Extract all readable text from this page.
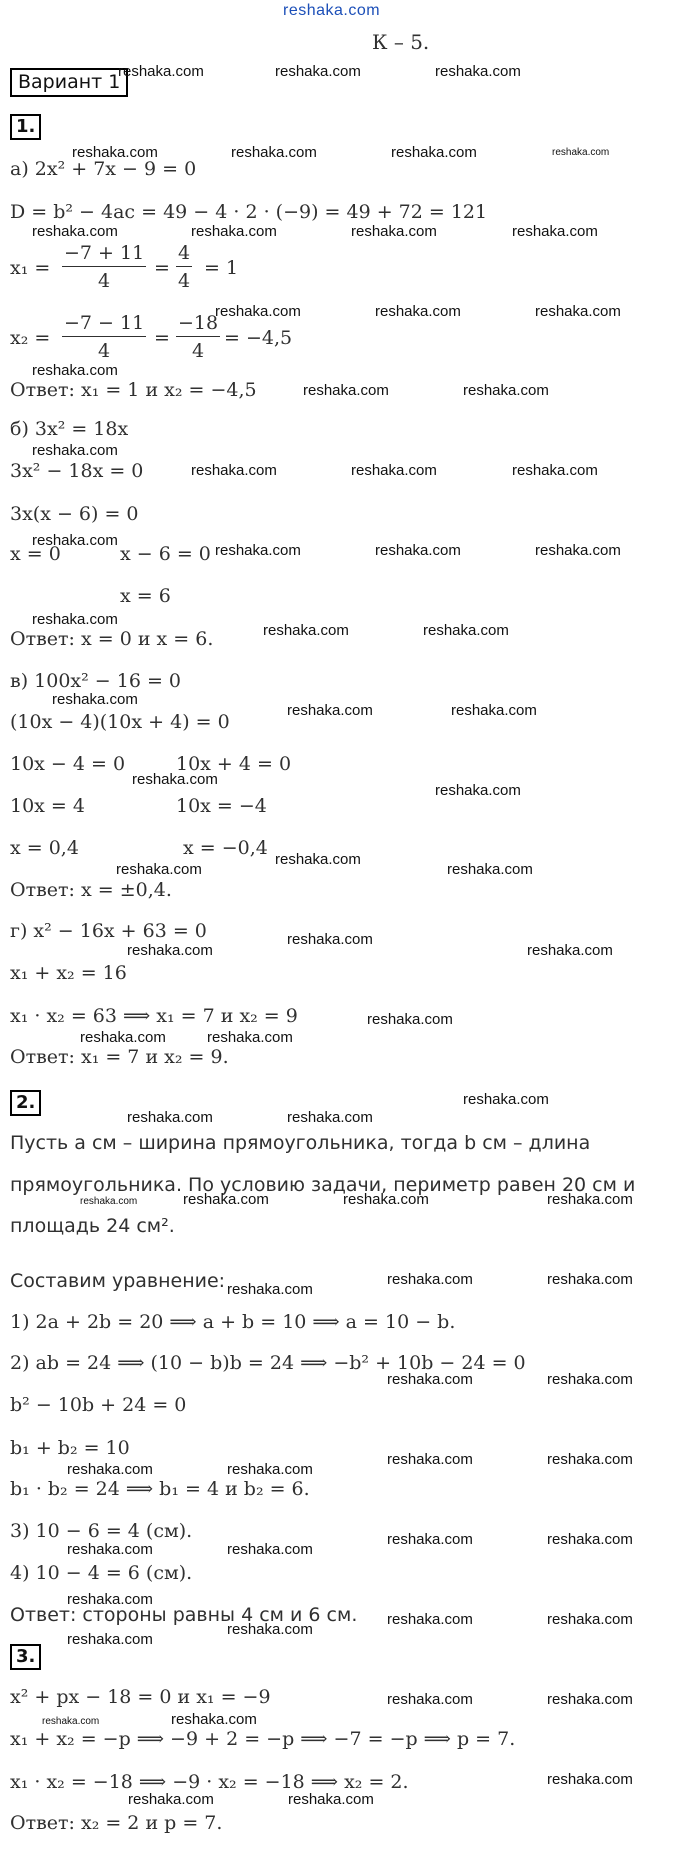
reshaka.com
К – 5.
Вариант 1
1.
а) 2x² + 7x − 9 = 0
D = b² − 4ac = 49 − 4 · 2 · (−9) = 49 + 72 = 121
$x_1 = \frac{-7 + 11}{4} = \frac{4}{4} = 1$
$x_2 = \frac{-7 - 11}{4} = \frac{-18}{4} = -4,5$
Ответ: x₁ = 1 и x₂ = −4,5
б) 3x² = 18x
3x² − 18x = 0
3x(x − 6) = 0
x = 0	x − 6 = 0
x = 6
Ответ: x = 0 и x = 6.
в) 100x² − 16 = 0
(10x − 4)(10x + 4) = 0
10x − 4 = 0	10x + 4 = 0
10x = 4	10x = −4
x = 0,4	x = −0,4
Ответ: x = ±0,4.
г) x² − 16x + 63 = 0
x₁ + x₂ = 16
x₁ · x₂ = 63 ⟹ x₁ = 7 и x₂ = 9
Ответ: x₁ = 7 и x₂ = 9.
2.
Пусть a см – ширина прямоугольника, тогда b см – длина
прямоугольника. По условию задачи, периметр равен 20 см и
площадь 24 см².
Составим уравнение:
1) 2a + 2b = 20 ⟹ a + b = 10 ⟹ a = 10 − b.
2) ab = 24 ⟹ (10 − b)b = 24 ⟹ −b² + 10b − 24 = 0
b² − 10b + 24 = 0
b₁ + b₂ = 10
b₁ · b₂ = 24 ⟹ b₁ = 4 и b₂ = 6.
3) 10 − 6 = 4 (см).
4) 10 − 4 = 6 (см).
Ответ: стороны равны 4 см и 6 см.
3.
x² + px − 18 = 0 и x₁ = −9
x₁ + x₂ = −p ⟹ −9 + 2 = −p ⟹ −7 = −p ⟹ p = 7.
x₁ · x₂ = −18 ⟹ −9 · x₂ = −18 ⟹ x₂ = 2.
Ответ: x₂ = 2 и p = 7.
reshaka.com	reshaka.com	reshaka.com
reshaka.com	reshaka.com	reshaka.com	reshaka.com
reshaka.com	reshaka.com	reshaka.com	reshaka.com
reshaka.com	reshaka.com	reshaka.com
reshaka.com
reshaka.com	reshaka.com
reshaka.com
reshaka.com	reshaka.com	reshaka.com
reshaka.com
reshaka.com	reshaka.com	reshaka.com
reshaka.com
reshaka.com	reshaka.com
reshaka.com
reshaka.com	reshaka.com
reshaka.com
reshaka.com
reshaka.com
reshaka.com	reshaka.com
reshaka.com
reshaka.com	reshaka.com
reshaka.com
reshaka.com	reshaka.com
reshaka.com
reshaka.com	reshaka.com
reshaka.com	reshaka.com
reshaka.com	reshaka.com
reshaka.com	reshaka.com
reshaka.com
reshaka.com	reshaka.com
reshaka.com	reshaka.com
reshaka.com
reshaka.com
reshaka.com	reshaka.com
reshaka.com
reshaka.com
reshaka.com
reshaka.com	reshaka.com
reshaka.com
reshaka.com
reshaka.com	reshaka.com
reshaka.com	reshaka.com
reshaka.com
reshaka.com	reshaka.com
